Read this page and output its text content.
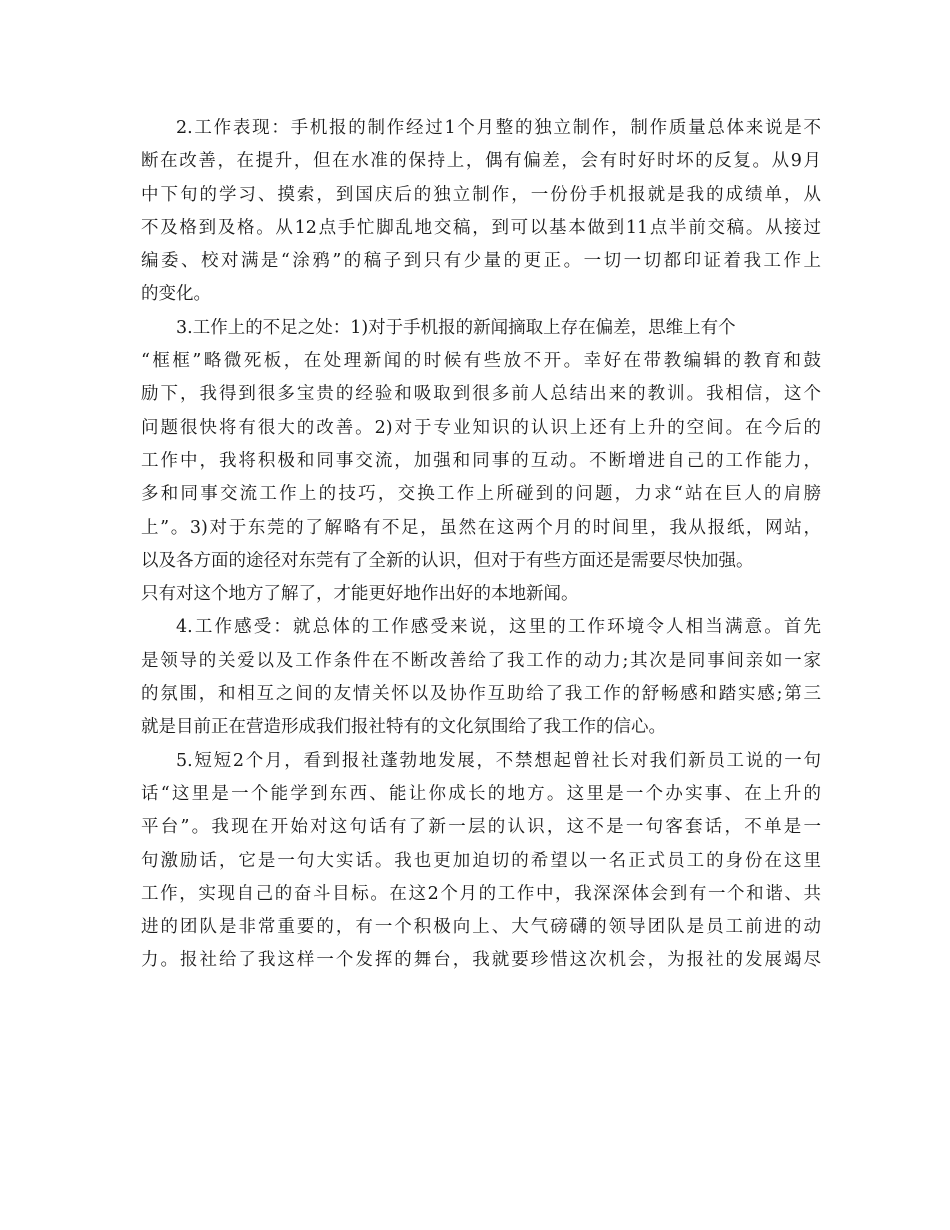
2.工作表现：手机报的制作经过1个月整的独立制作，制作质量总体来说是不
断在改善，在提升，但在水准的保持上，偶有偏差，会有时好时坏的反复。从9月
中下旬的学习、摸索，到国庆后的独立制作，一份份手机报就是我的成绩单，从
不及格到及格。从12点手忙脚乱地交稿，到可以基本做到11点半前交稿。从接过
编委、校对满是“涂鸦”的稿子到只有少量的更正。一切一切都印证着我工作上
的变化。
3.工作上的不足之处：1)对于手机报的新闻摘取上存在偏差，思维上有个
“框框”略微死板，在处理新闻的时候有些放不开。幸好在带教编辑的教育和鼓
励下，我得到很多宝贵的经验和吸取到很多前人总结出来的教训。我相信，这个
问题很快将有很大的改善。2)对于专业知识的认识上还有上升的空间。在今后的
工作中，我将积极和同事交流，加强和同事的互动。不断增进自己的工作能力，
多和同事交流工作上的技巧，交换工作上所碰到的问题，力求“站在巨人的肩膀
上”。3)对于东莞的了解略有不足，虽然在这两个月的时间里，我从报纸，网站，
以及各方面的途径对东莞有了全新的认识，但对于有些方面还是需要尽快加强。
只有对这个地方了解了，才能更好地作出好的本地新闻。
4.工作感受：就总体的工作感受来说，这里的工作环境令人相当满意。首先
是领导的关爱以及工作条件在不断改善给了我工作的动力;其次是同事间亲如一家
的氛围，和相互之间的友情关怀以及协作互助给了我工作的舒畅感和踏实感;第三
就是目前正在营造形成我们报社特有的文化氛围给了我工作的信心。
5.短短2个月，看到报社蓬勃地发展，不禁想起曾社长对我们新员工说的一句
话“这里是一个能学到东西、能让你成长的地方。这里是一个办实事、在上升的
平台”。我现在开始对这句话有了新一层的认识，这不是一句客套话，不单是一
句激励话，它是一句大实话。我也更加迫切的希望以一名正式员工的身份在这里
工作，实现自己的奋斗目标。在这2个月的工作中，我深深体会到有一个和谐、共
进的团队是非常重要的，有一个积极向上、大气磅礴的领导团队是员工前进的动
力。报社给了我这样一个发挥的舞台，我就要珍惜这次机会，为报社的发展竭尽
